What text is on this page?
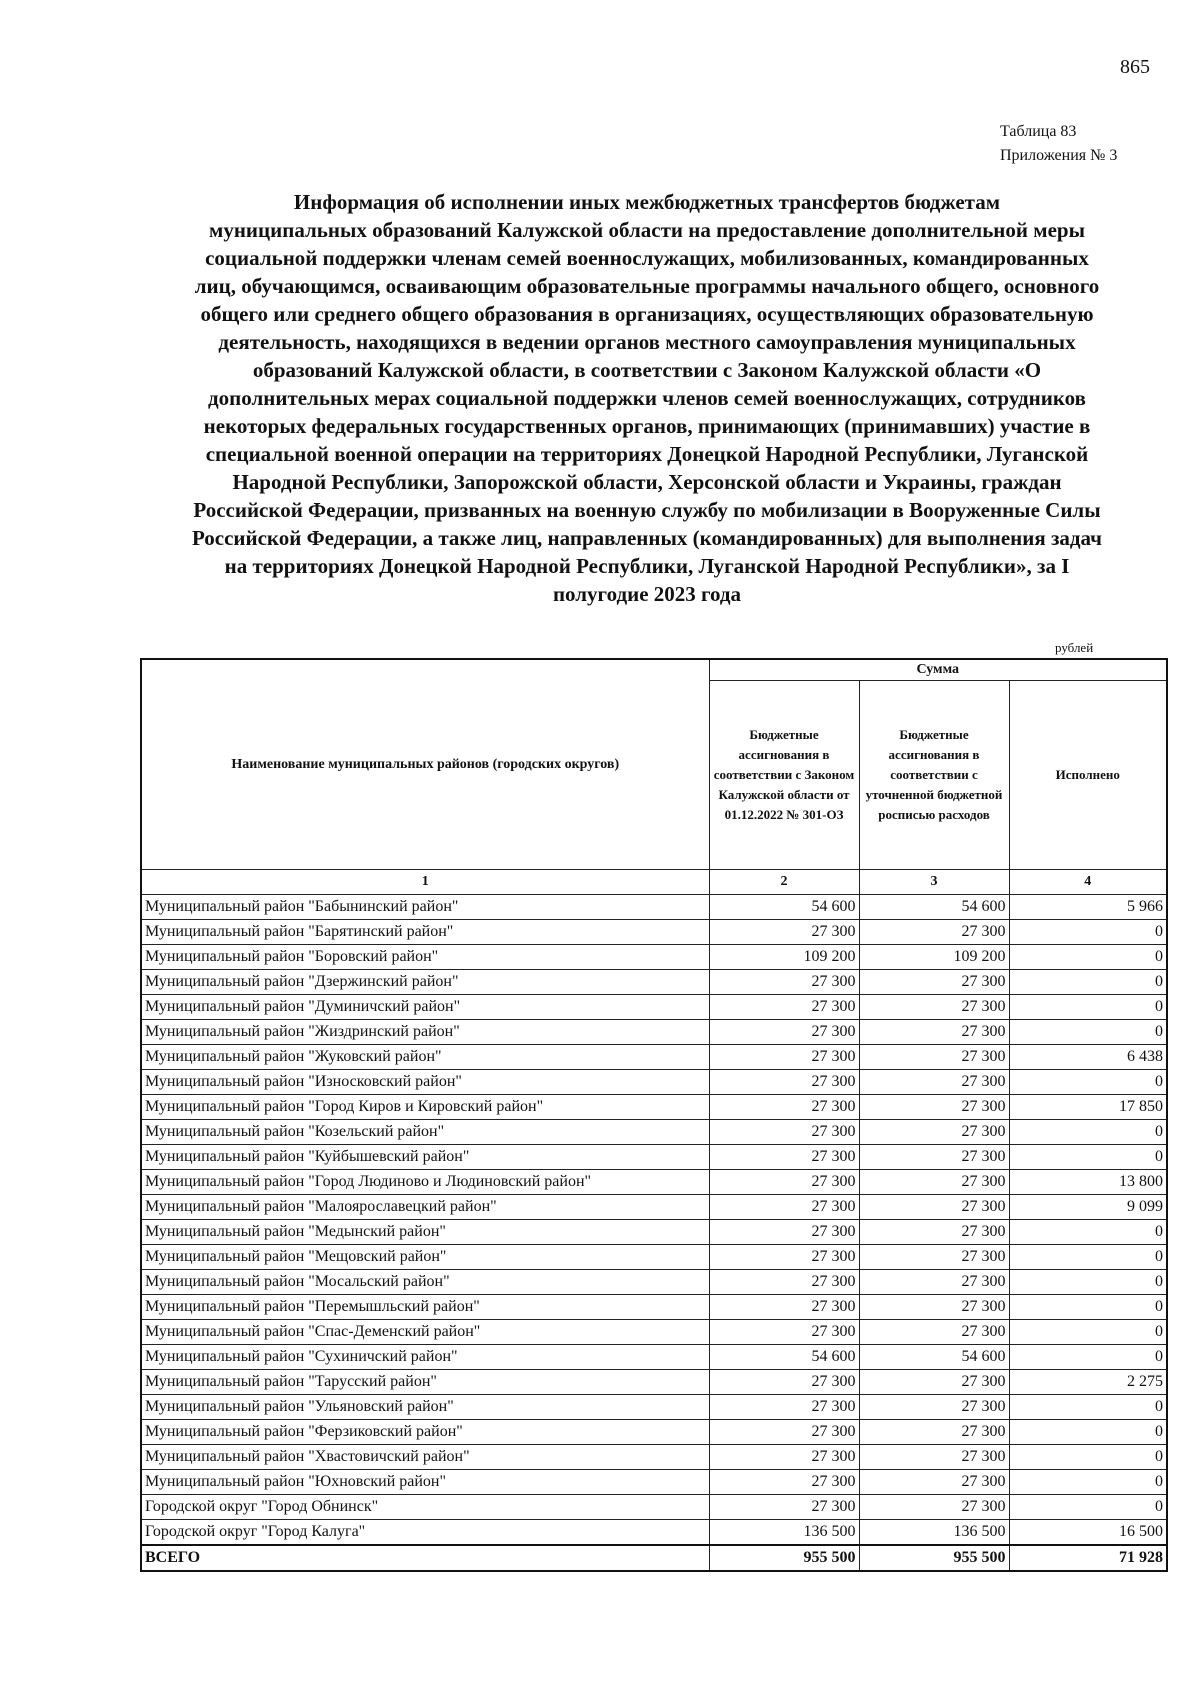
865
Таблица 83
Приложения № 3
Информация об исполнении иных межбюджетных трансфертов бюджетам
муниципальных образований Калужской области на предоставление дополнительной меры
социальной поддержки членам семей военнослужащих, мобилизованных, командированных
лиц, обучающимся, осваивающим образовательные программы начального общего, основного
общего или среднего общего образования в организациях, осуществляющих образовательную
деятельность, находящихся в ведении органов местного самоуправления муниципальных
образований Калужской области, в соответствии с Законом Калужской области «О
дополнительных мерах социальной поддержки членов семей военнослужащих, сотрудников
некоторых федеральных государственных органов, принимающих (принимавших) участие в
специальной военной операции на территориях Донецкой Народной Республики, Луганской
Народной Республики, Запорожской области, Херсонской области и Украины, граждан
Российской Федерации, призванных на военную службу по мобилизации в Вооруженные Силы
Российской Федерации, а также лиц, направленных (командированных) для выполнения задач
на территориях Донецкой Народной Республики, Луганской Народной Республики», за I
полугодие 2023 года
рублей
Наименование муниципальных районов (городских округов)	Сумма		
	Бюджетные ассигнования в соответствии с Законом Калужской области от 01.12.2022 № 301-ОЗ	Бюджетные ассигнования в соответствии с уточненной бюджетной росписью расходов	Исполнено
1	2	3	4
Муниципальный район "Бабынинский район"	54 600	54 600	5 966
Муниципальный район "Барятинский район"	27 300	27 300	0
Муниципальный район "Боровский район"	109 200	109 200	0
Муниципальный район "Дзержинский район"	27 300	27 300	0
Муниципальный район "Думиничский район"	27 300	27 300	0
Муниципальный район "Жиздринский район"	27 300	27 300	0
Муниципальный район "Жуковский район"	27 300	27 300	6 438
Муниципальный район "Износковский район"	27 300	27 300	0
Муниципальный район "Город Киров и Кировский район"	27 300	27 300	17 850
Муниципальный район "Козельский район"	27 300	27 300	0
Муниципальный район "Куйбышевский район"	27 300	27 300	0
Муниципальный район "Город Людиново и Людиновский район"	27 300	27 300	13 800
Муниципальный район "Малоярославецкий район"	27 300	27 300	9 099
Муниципальный район "Медынский район"	27 300	27 300	0
Муниципальный район "Мещовский район"	27 300	27 300	0
Муниципальный район "Мосальский район"	27 300	27 300	0
Муниципальный район "Перемышльский район"	27 300	27 300	0
Муниципальный район "Спас-Деменский район"	27 300	27 300	0
Муниципальный район "Сухиничский район"	54 600	54 600	0
Муниципальный район "Тарусский район"	27 300	27 300	2 275
Муниципальный район "Ульяновский район"	27 300	27 300	0
Муниципальный район "Ферзиковский район"	27 300	27 300	0
Муниципальный район "Хвастовичский район"	27 300	27 300	0
Муниципальный район "Юхновский район"	27 300	27 300	0
Городской округ "Город Обнинск"	27 300	27 300	0
Городской округ "Город Калуга"	136 500	136 500	16 500
ВСЕГО	955 500	955 500	71 928
